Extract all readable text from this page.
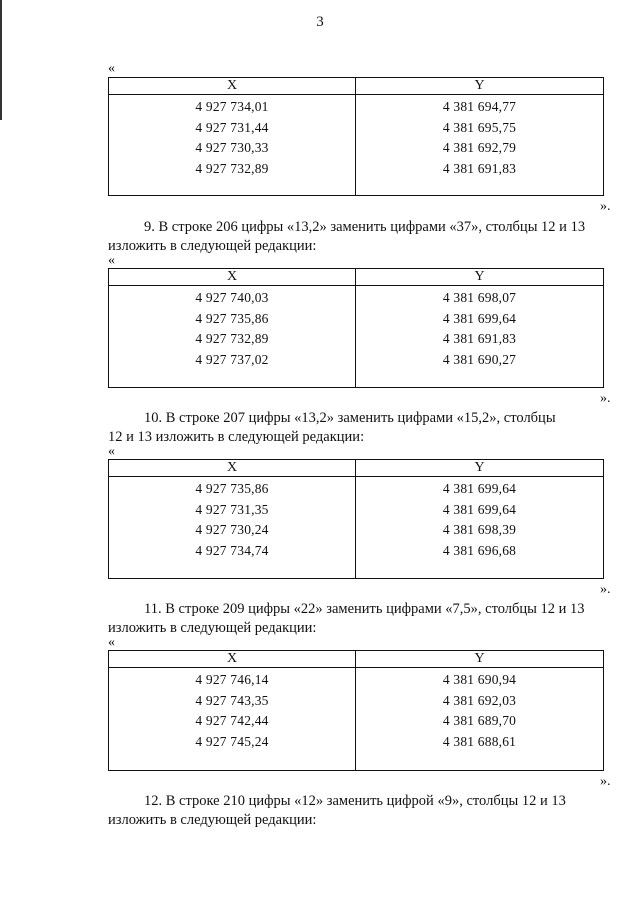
3
«
X
4 927 734,01
4 927 731,44
4 927 730,33
4 927 732,89
Y
4 381 694,77
4 381 695,75
4 381 692,79
4 381 691,83
».
9. В строке 206 цифры «13,2» заменить цифрами «37», столбцы 12 и 13
изложить в следующей редакции:
«
X
4 927 740,03
4 927 735,86
4 927 732,89
4 927 737,02
Y
4 381 698,07
4 381 699,64
4 381 691,83
4 381 690,27
».
10. В строке 207 цифры «13,2» заменить цифрами «15,2», столбцы
12 и 13 изложить в следующей редакции:
«
X
4 927 735,86
4 927 731,35
4 927 730,24
4 927 734,74
Y
4 381 699,64
4 381 699,64
4 381 698,39
4 381 696,68
».
11. В строке 209 цифры «22» заменить цифрами «7,5», столбцы 12 и 13
изложить в следующей редакции:
«
X
4 927 746,14
4 927 743,35
4 927 742,44
4 927 745,24
Y
4 381 690,94
4 381 692,03
4 381 689,70
4 381 688,61
».
12. В строке 210 цифры «12» заменить цифрой «9», столбцы 12 и 13
изложить в следующей редакции:
